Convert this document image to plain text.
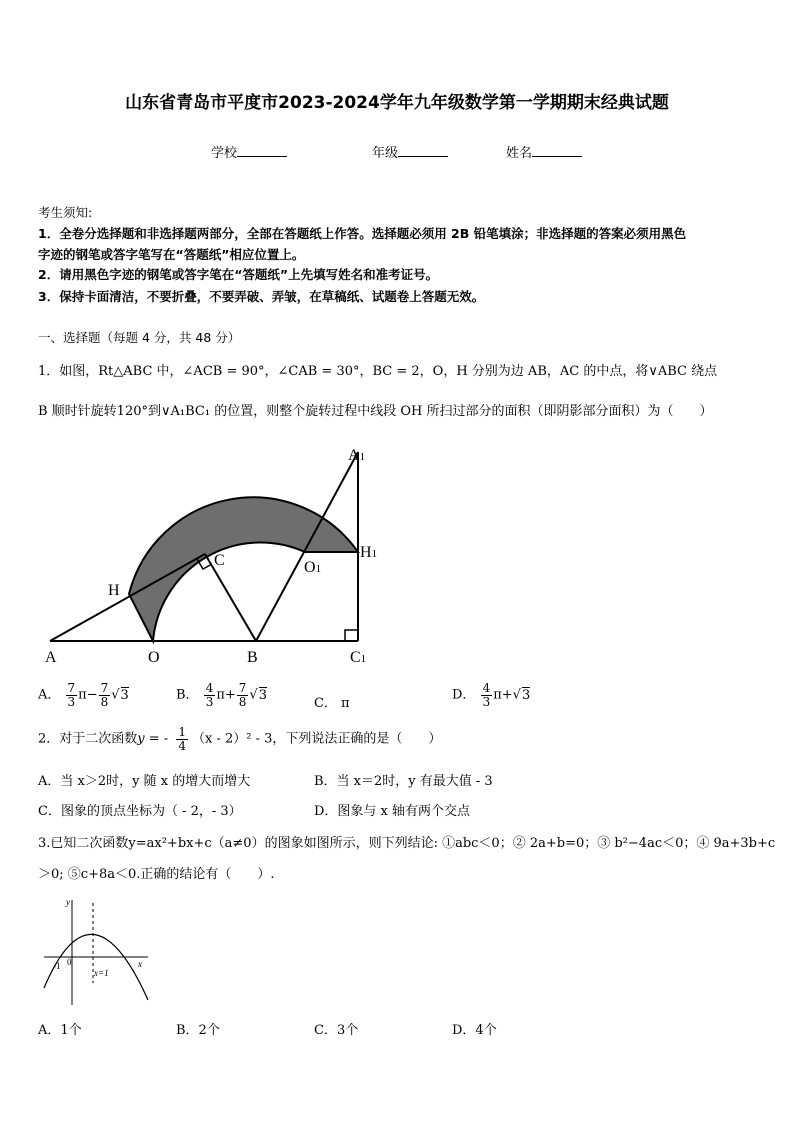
山东省青岛市平度市2023-2024学年九年级数学第一学期期末经典试题
学校	年级	姓名
考生须知:
1．全卷分选择题和非选择题两部分，全部在答题纸上作答。选择题必须用 2B 铅笔填涂；非选择题的答案必须用黑色
字迹的钢笔或答字笔写在“答题纸”相应位置上。
2．请用黑色字迹的钢笔或答字笔在“答题纸”上先填写姓名和准考证号。
3．保持卡面清洁，不要折叠，不要弄破、弄皱，在草稿纸、试题卷上答题无效。
一、选择题（每题 4 分，共 48 分）
1．如图，Rt△ABC 中，∠ACB = 90°，∠CAB = 30°，BC = 2，O，H 分别为边 AB，AC 的中点，将∨ABC 绕点
B 顺时针旋转120°到∨A₁BC₁ 的位置，则整个旋转过程中线段 OH 所扫过部分的面积（即阴影部分面积）为（　　）
A1
H1
O1
C
H
A	O	B	C1
A． $\frac{7}{3} \pi- \frac{7}{8} √3$	B． $\frac{4}{3} \pi+ \frac{7}{8} √3$
C． π
D． $\frac{4}{3} \pi+√3$
2．对于二次函数y = - $\frac{1}{4} (x - 2)^2 - 3$，下列说法正确的是（　　）
A．当 x＞2时，y 随 x 的增大而增大	B．当 x＝2时，y 有最大值 - 3
C．图象的顶点坐标为（ - 2，- 3）	D．图象与 x 轴有两个交点
3.已知二次函数y=ax²+bx+c（a≠0）的图象如图所示，则下列结论: ①abc＜0；② 2a+b=0；③ b²−4ac＜0；④ 9a+3b+c
＞0; ⑤c+8a＜0.正确的结论有（　　）.
y
x
-1 0
x=1
A．1个	B．2个	C．3个	D．4个
